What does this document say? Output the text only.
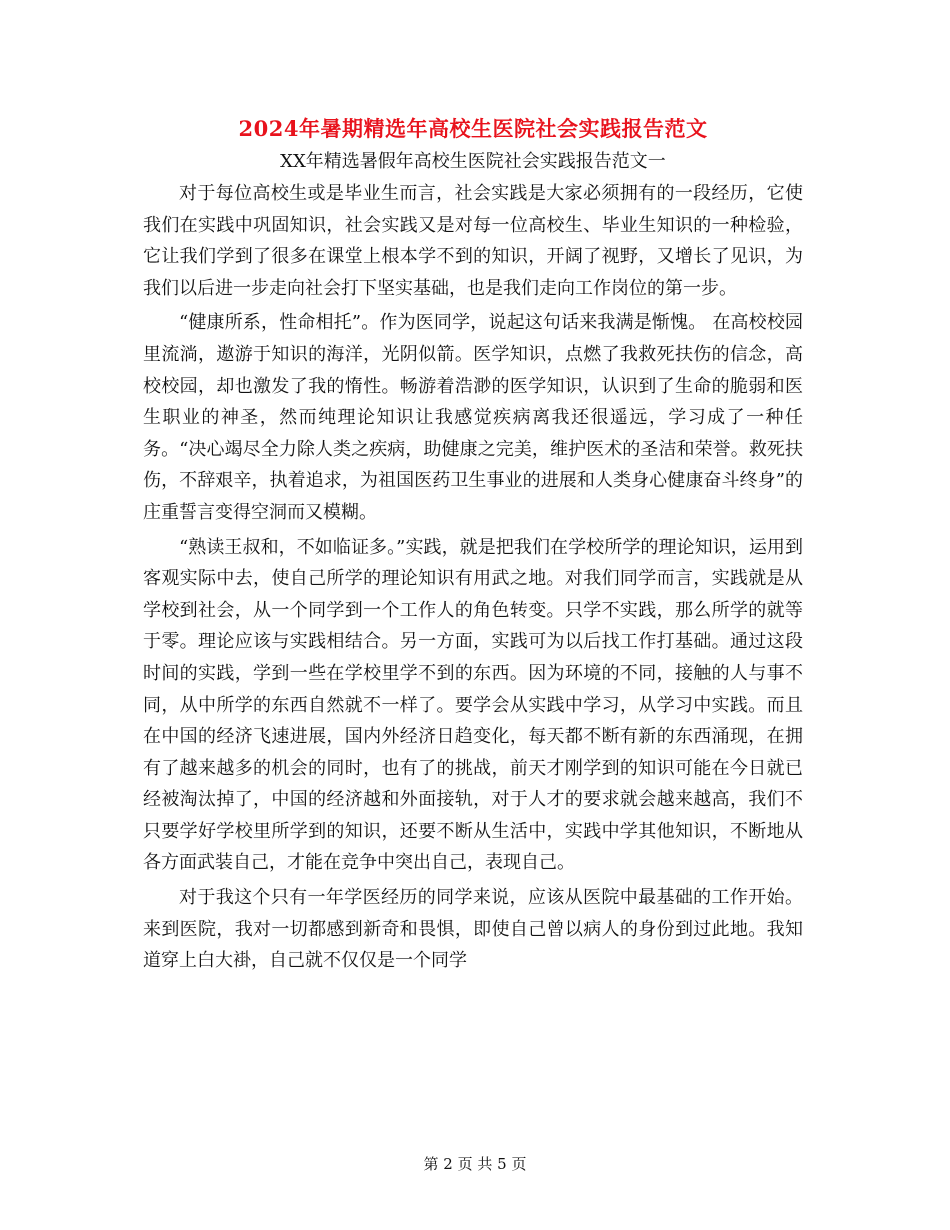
2024年暑期精选年高校生医院社会实践报告范文

XX年精选暑假年高校生医院社会实践报告范文一

对于每位高校生或是毕业生而言，社会实践是大家必须拥有的一段经历，它使我们在实践中巩固知识，社会实践又是对每一位高校生、毕业生知识的一种检验，它让我们学到了很多在课堂上根本学不到的知识，开阔了视野，又增长了见识，为我们以后进一步走向社会打下坚实基础，也是我们走向工作岗位的第一步。

“健康所系，性命相托”。作为医同学，说起这句话来我满是惭愧。 在高校校园里流淌，遨游于知识的海洋，光阴似箭。医学知识，点燃了我救死扶伤的信念，高校校园，却也激发了我的惰性。畅游着浩渺的医学知识，认识到了生命的脆弱和医生职业的神圣，然而纯理论知识让我感觉疾病离我还很遥远，学习成了一种任务。“决心竭尽全力除人类之疾病，助健康之完美，维护医术的圣洁和荣誉。救死扶伤，不辞艰辛，执着追求，为祖国医药卫生事业的进展和人类身心健康奋斗终身”的庄重誓言变得空洞而又模糊。

“熟读王叔和，不如临证多。”实践，就是把我们在学校所学的理论知识，运用到客观实际中去，使自己所学的理论知识有用武之地。对我们同学而言，实践就是从学校到社会，从一个同学到一个工作人的角色转变。只学不实践，那么所学的就等于零。理论应该与实践相结合。另一方面，实践可为以后找工作打基础。通过这段时间的实践，学到一些在学校里学不到的东西。因为环境的不同，接触的人与事不同，从中所学的东西自然就不一样了。要学会从实践中学习，从学习中实践。而且在中国的经济飞速进展，国内外经济日趋变化，每天都不断有新的东西涌现，在拥有了越来越多的机会的同时，也有了的挑战，前天才刚学到的知识可能在今日就已经被淘汰掉了，中国的经济越和外面接轨，对于人才的要求就会越来越高，我们不只要学好学校里所学到的知识，还要不断从生活中，实践中学其他知识，不断地从各方面武装自己，才能在竞争中突出自己，表现自己。

对于我这个只有一年学医经历的同学来说，应该从医院中最基础的工作开始。来到医院，我对一切都感到新奇和畏惧，即使自己曾以病人的身份到过此地。我知道穿上白大褂，自己就不仅仅是一个同学

第 2 页 共 5 页
